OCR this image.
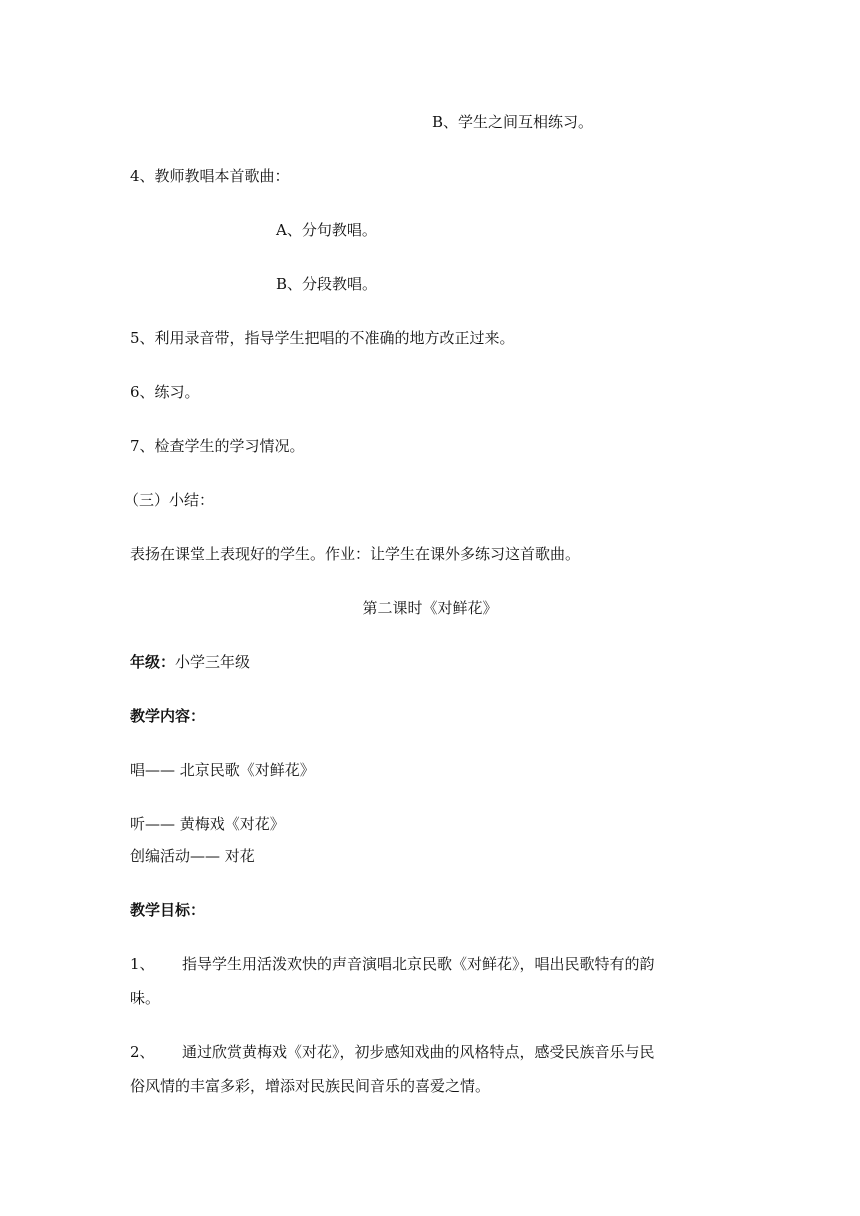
B、学生之间互相练习。
4、教师教唱本首歌曲：
A、分句教唱。
B、分段教唱。
5、利用录音带，指导学生把唱的不准确的地方改正过来。
6、练习。
7、检查学生的学习情况。
（三）小结：
表扬在课堂上表现好的学生。作业：让学生在课外多练习这首歌曲。
第二课时《对鲜花》
年级：小学三年级
教学内容：
唱—— 北京民歌《对鲜花》
听—— 黄梅戏《对花》
创编活动—— 对花
教学目标：
1、 指导学生用活泼欢快的声音演唱北京民歌《对鲜花》，唱出民歌特有的韵
味。
2、 通过欣赏黄梅戏《对花》，初步感知戏曲的风格特点，感受民族音乐与民
俗风情的丰富多彩，增添对民族民间音乐的喜爱之情。
